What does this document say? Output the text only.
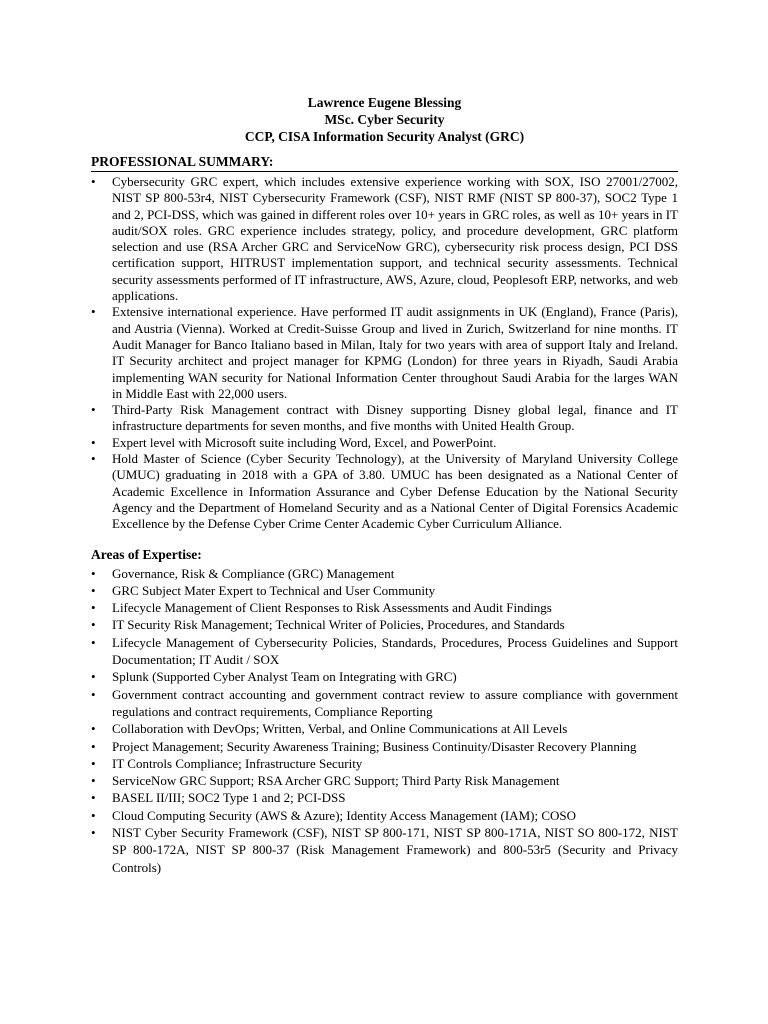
Lawrence Eugene Blessing
MSc. Cyber Security
CCP, CISA Information Security Analyst (GRC)
PROFESSIONAL SUMMARY:
• Cybersecurity GRC expert, which includes extensive experience working with SOX, ISO 27001/27002, NIST SP 800-53r4, NIST Cybersecurity Framework (CSF), NIST RMF (NIST SP 800-37), SOC2 Type 1 and 2, PCI-DSS, which was gained in different roles over 10+ years in GRC roles, as well as 10+ years in IT audit/SOX roles. GRC experience includes strategy, policy, and procedure development, GRC platform selection and use (RSA Archer GRC and ServiceNow GRC), cybersecurity risk process design, PCI DSS certification support, HITRUST implementation support, and technical security assessments. Technical security assessments performed of IT infrastructure, AWS, Azure, cloud, Peoplesoft ERP, networks, and web applications.
• Extensive international experience. Have performed IT audit assignments in UK (England), France (Paris), and Austria (Vienna). Worked at Credit-Suisse Group and lived in Zurich, Switzerland for nine months. IT Audit Manager for Banco Italiano based in Milan, Italy for two years with area of support Italy and Ireland. IT Security architect and project manager for KPMG (London) for three years in Riyadh, Saudi Arabia implementing WAN security for National Information Center throughout Saudi Arabia for the larges WAN in Middle East with 22,000 users.
• Third-Party Risk Management contract with Disney supporting Disney global legal, finance and IT infrastructure departments for seven months, and five months with United Health Group.
• Expert level with Microsoft suite including Word, Excel, and PowerPoint.
• Hold Master of Science (Cyber Security Technology), at the University of Maryland University College (UMUC) graduating in 2018 with a GPA of 3.80. UMUC has been designated as a National Center of Academic Excellence in Information Assurance and Cyber Defense Education by the National Security Agency and the Department of Homeland Security and as a National Center of Digital Forensics Academic Excellence by the Defense Cyber Crime Center Academic Cyber Curriculum Alliance.
Areas of Expertise:
• Governance, Risk & Compliance (GRC) Management
• GRC Subject Mater Expert to Technical and User Community
• Lifecycle Management of Client Responses to Risk Assessments and Audit Findings
• IT Security Risk Management; Technical Writer of Policies, Procedures, and Standards
• Lifecycle Management of Cybersecurity Policies, Standards, Procedures, Process Guidelines and Support Documentation; IT Audit / SOX
• Splunk (Supported Cyber Analyst Team on Integrating with GRC)
• Government contract accounting and government contract review to assure compliance with government regulations and contract requirements, Compliance Reporting
• Collaboration with DevOps; Written, Verbal, and Online Communications at All Levels
• Project Management; Security Awareness Training; Business Continuity/Disaster Recovery Planning
• IT Controls Compliance; Infrastructure Security
• ServiceNow GRC Support; RSA Archer GRC Support; Third Party Risk Management
• BASEL II/III; SOC2 Type 1 and 2; PCI-DSS
• Cloud Computing Security (AWS & Azure); Identity Access Management (IAM); COSO
• NIST Cyber Security Framework (CSF), NIST SP 800-171, NIST SP 800-171A, NIST SO 800-172, NIST SP 800-172A, NIST SP 800-37 (Risk Management Framework) and 800-53r5 (Security and Privacy Controls)
